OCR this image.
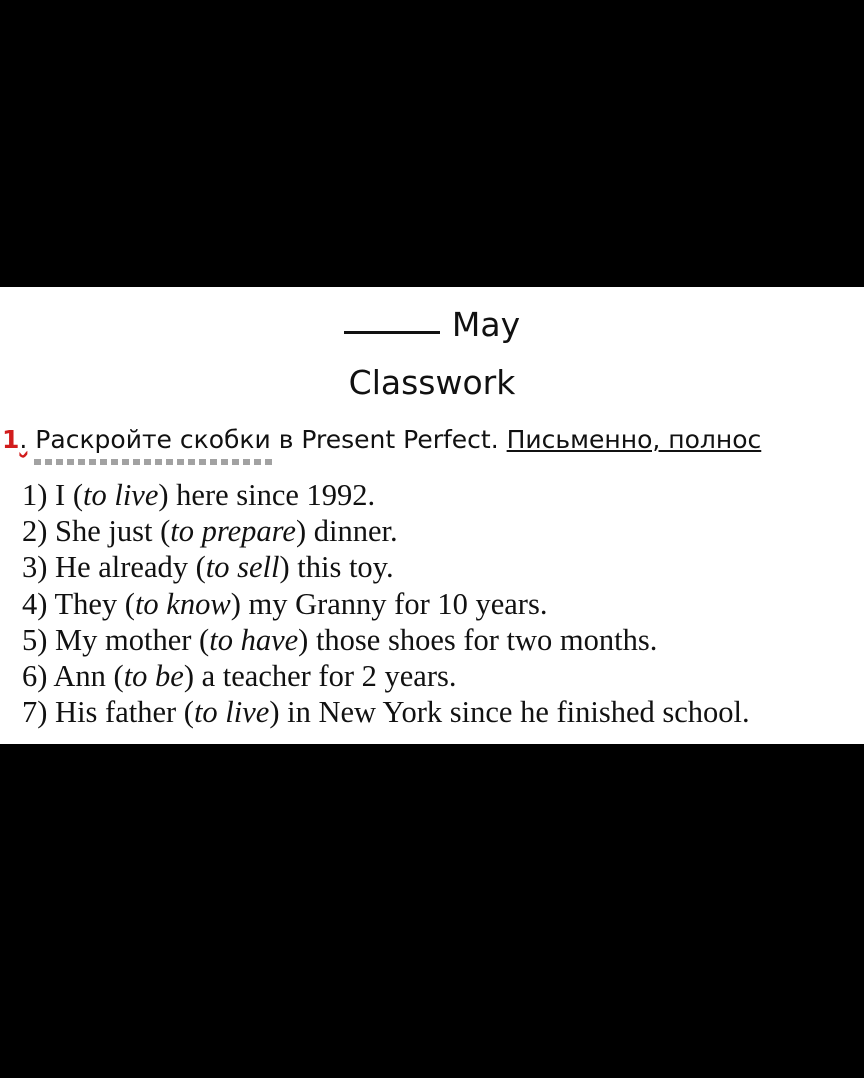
May
Classwork
1. Раскройте скобки в Present Perfect. Письменно, полнос
1) I (to live) here since 1992.
2) She just (to prepare) dinner.
3) He already (to sell) this toy.
4) They (to know) my Granny for 10 years.
5) My mother (to have) those shoes for two months.
6) Ann (to be) a teacher for 2 years.
7) His father (to live) in New York since he finished school.
